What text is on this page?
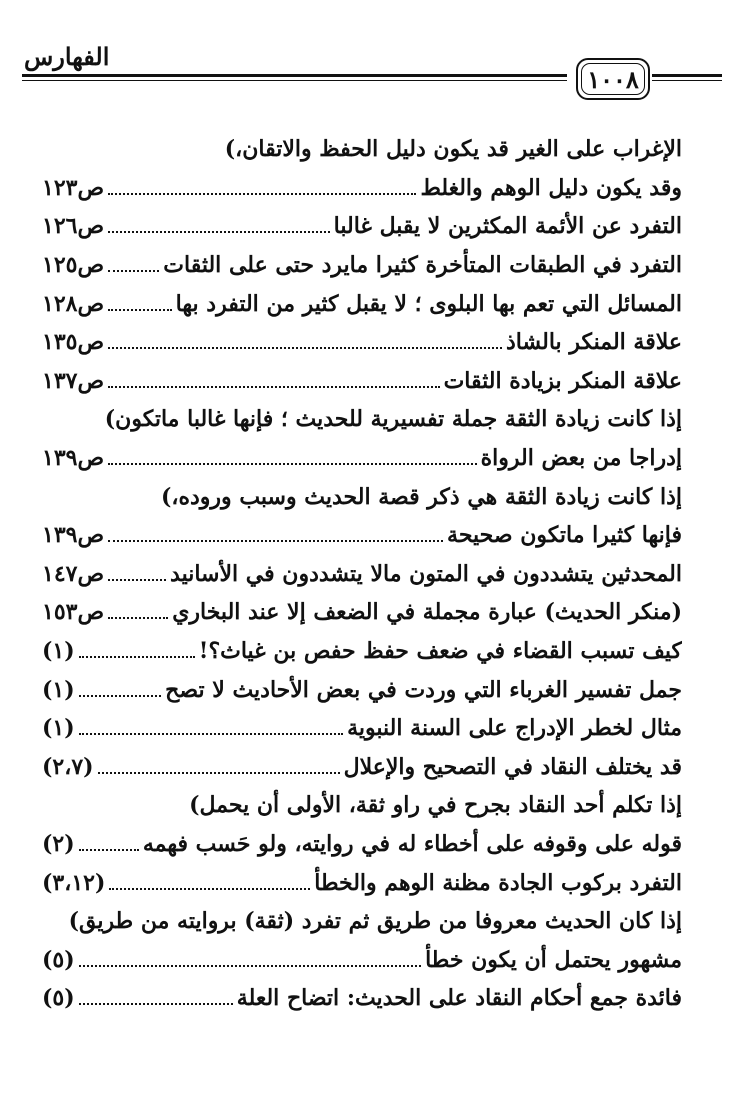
الفهارس
١٠٠٨
الإغراب على الغير قد يكون دليل الحفظ والاتقان،)
وقد يكون دليل الوهم والغلط
ص١٢٣
التفرد عن الأئمة المكثرين لا يقبل غالبا
ص١٢٦
التفرد في الطبقات المتأخرة كثيرا مايرد حتى على الثقات
ص١٢٥
المسائل التي تعم بها البلوى ؛ لا يقبل كثير من التفرد بها
ص١٢٨
علاقة المنكر بالشاذ
ص١٣٥
علاقة المنكر بزيادة الثقات
ص١٣٧
إذا كانت زيادة الثقة جملة تفسيرية للحديث ؛ فإنها غالبا ماتكون)
إدراجا من بعض الرواة
ص١٣٩
إذا كانت زيادة الثقة هي ذكر قصة الحديث وسبب وروده،)
فإنها كثيرا ماتكون صحيحة
ص١٣٩
المحدثين يتشددون في المتون مالا يتشددون في الأسانيد
ص١٤٧
(منكر الحديث) عبارة مجملة في الضعف إلا عند البخاري
ص١٥٣
كيف تسبب القضاء في ضعف حفظ حفص بن غياث؟!
(١)
جمل تفسير الغرباء التي وردت في بعض الأحاديث لا تصح
(١)
مثال لخطر الإدراج على السنة النبوية
(١)
قد يختلف النقاد في التصحيح والإعلال
(٢،٧)
إذا تكلم أحد النقاد بجرح في راو ثقة، الأولى أن يحمل)
قوله على وقوفه على أخطاء له في روايته، ولو حَسب فهمه
(٢)
التفرد بركوب الجادة مظنة الوهم والخطأ
(٣،١٢)
إذا كان الحديث معروفا من طريق ثم تفرد (ثقة) بروايته من طريق)
مشهور يحتمل أن يكون خطأ
(٥)
فائدة جمع أحكام النقاد على الحديث: اتضاح العلة
(٥)
